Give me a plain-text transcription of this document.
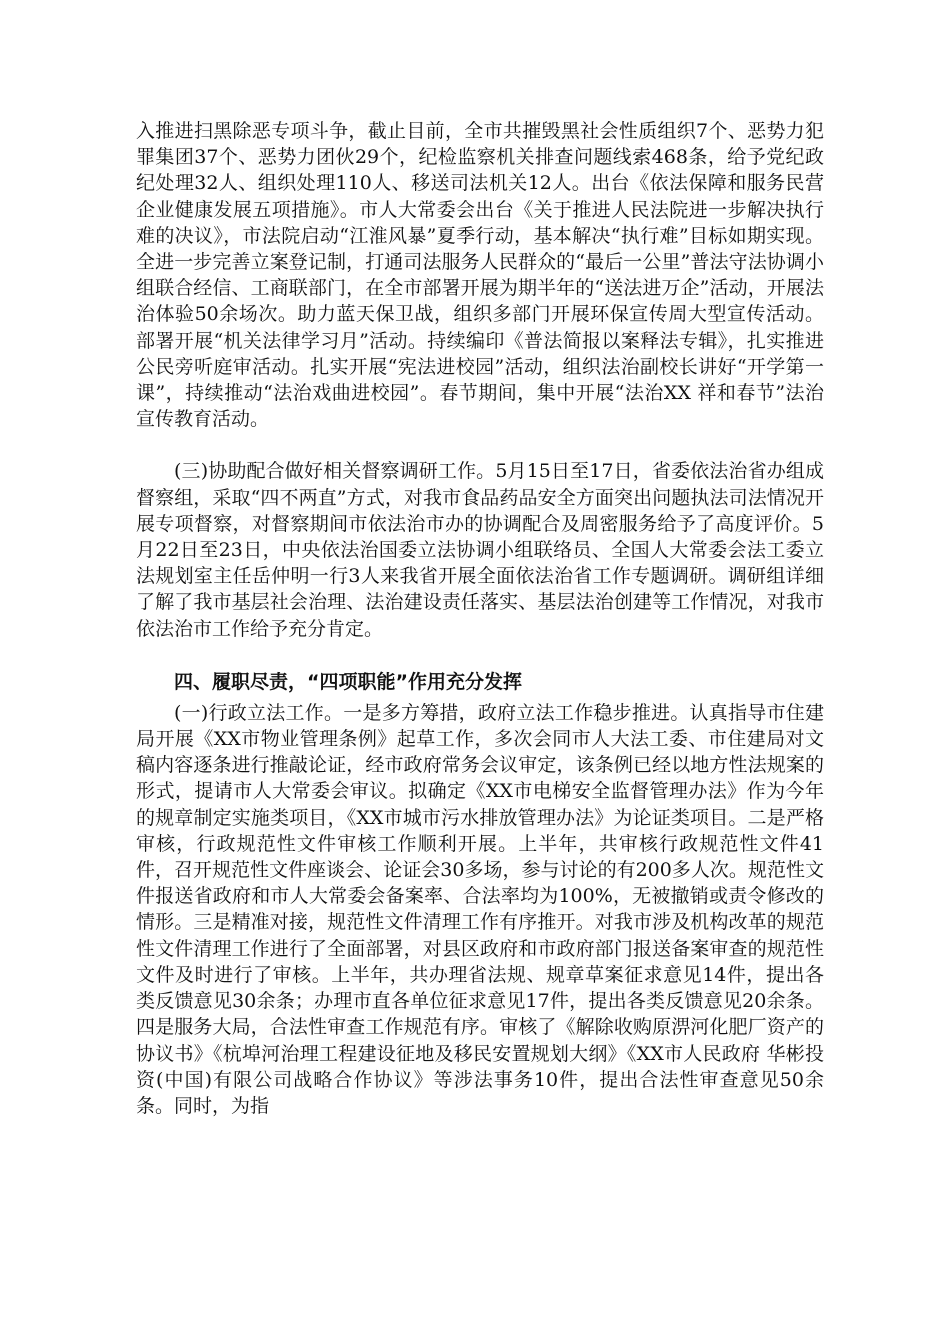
入推进扫黑除恶专项斗争，截止目前，全市共摧毁黑社会性质组织7个、恶势力犯罪集团37个、恶势力团伙29个，纪检监察机关排查问题线索468条，给予党纪政纪处理32人、组织处理110人、移送司法机关12人。出台《依法保障和服务民营企业健康发展五项措施》。市人大常委会出台《关于推进人民法院进一步解决执行难的决议》，市法院启动“江淮风暴”夏季行动，基本解决“执行难”目标如期实现。全进一步完善立案登记制，打通司法服务人民群众的“最后一公里”普法守法协调小组联合经信、工商联部门，在全市部署开展为期半年的“送法进万企”活动，开展法治体验50余场次。助力蓝天保卫战，组织多部门开展环保宣传周大型宣传活动。部署开展“机关法律学习月”活动。持续编印《普法简报以案释法专辑》，扎实推进公民旁听庭审活动。扎实开展“宪法进校园”活动，组织法治副校长讲好“开学第一课”，持续推动“法治戏曲进校园”。春节期间，集中开展“法治XX 祥和春节”法治宣传教育活动。

(三)协助配合做好相关督察调研工作。5月15日至17日，省委依法治省办组成督察组，采取“四不两直”方式，对我市食品药品安全方面突出问题执法司法情况开展专项督察，对督察期间市依法治市办的协调配合及周密服务给予了高度评价。5月22日至23日，中央依法治国委立法协调小组联络员、全国人大常委会法工委立法规划室主任岳仲明一行3人来我省开展全面依法治省工作专题调研。调研组详细了解了我市基层社会治理、法治建设责任落实、基层法治创建等工作情况，对我市依法治市工作给予充分肯定。

四、履职尽责，“四项职能”作用充分发挥

(一)行政立法工作。一是多方筹措，政府立法工作稳步推进。认真指导市住建局开展《XX市物业管理条例》起草工作，多次会同市人大法工委、市住建局对文稿内容逐条进行推敲论证，经市政府常务会议审定，该条例已经以地方性法规案的形式，提请市人大常委会审议。拟确定《XX市电梯安全监督管理办法》作为今年的规章制定实施类项目，《XX市城市污水排放管理办法》为论证类项目。二是严格审核，行政规范性文件审核工作顺利开展。上半年，共审核行政规范性文件41件，召开规范性文件座谈会、论证会30多场，参与讨论的有200多人次。规范性文件报送省政府和市人大常委会备案率、合法率均为100%，无被撤销或责令修改的情形。三是精准对接，规范性文件清理工作有序推开。对我市涉及机构改革的规范性文件清理工作进行了全面部署，对县区政府和市政府部门报送备案审查的规范性文件及时进行了审核。上半年，共办理省法规、规章草案征求意见14件，提出各类反馈意见30余条；办理市直各单位征求意见17件，提出各类反馈意见20余条。四是服务大局，合法性审查工作规范有序。审核了《解除收购原淠河化肥厂资产的协议书》《杭埠河治理工程建设征地及移民安置规划大纲》《XX市人民政府 华彬投资(中国)有限公司战略合作协议》等涉法事务10件，提出合法性审查意见50余条。同时，为指
